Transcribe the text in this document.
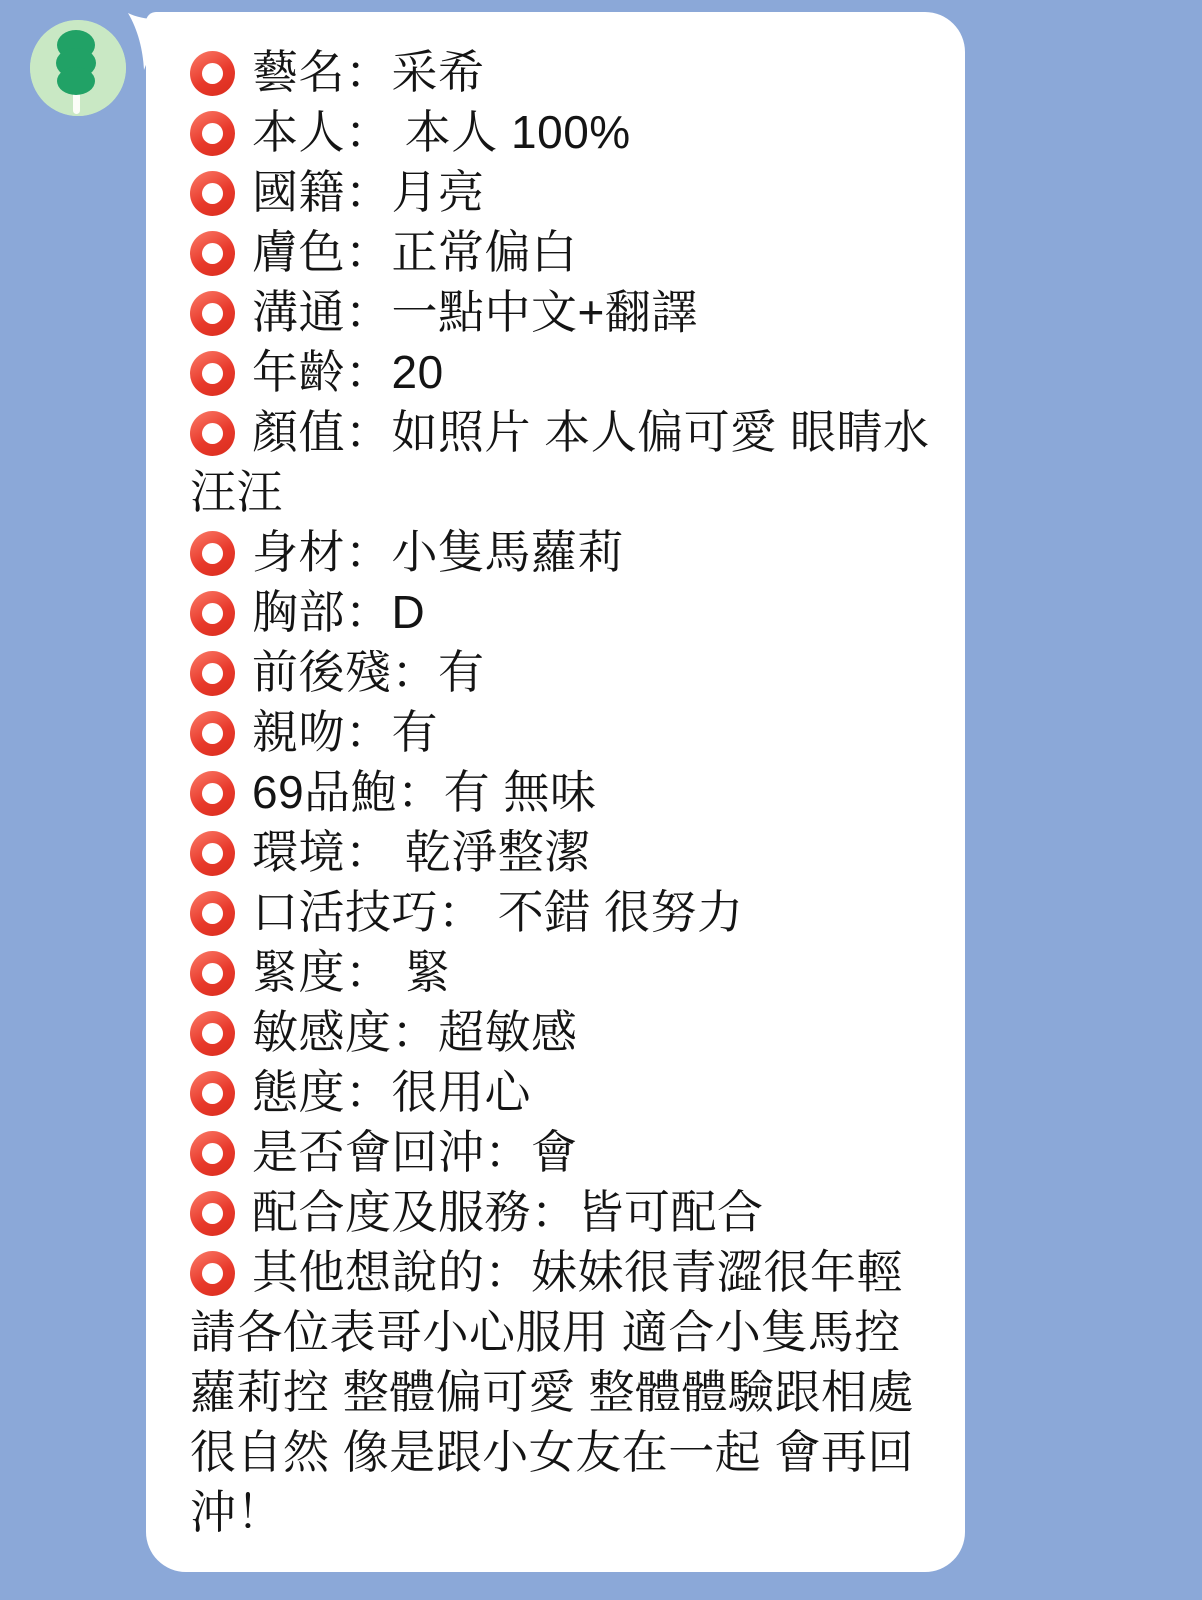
藝名：采希
本人： 本人 100%
國籍：月亮
膚色：正常偏白
溝通：一點中文+翻譯
年齡：20
顏值：如照片 本人偏可愛 眼睛水汪汪
身材：小隻馬蘿莉
胸部：D
前後殘：有
親吻：有
69品鮑：有 無味
環境： 乾淨整潔
口活技巧： 不錯 很努力
緊度： 緊
敏感度：超敏感
態度：很用心
是否會回沖：會
配合度及服務：皆可配合
其他想說的：妹妹很青澀很年輕 請各位表哥小心服用 適合小隻馬控 蘿莉控 整體偏可愛 整體體驗跟相處很自然 像是跟小女友在一起 會再回沖！
